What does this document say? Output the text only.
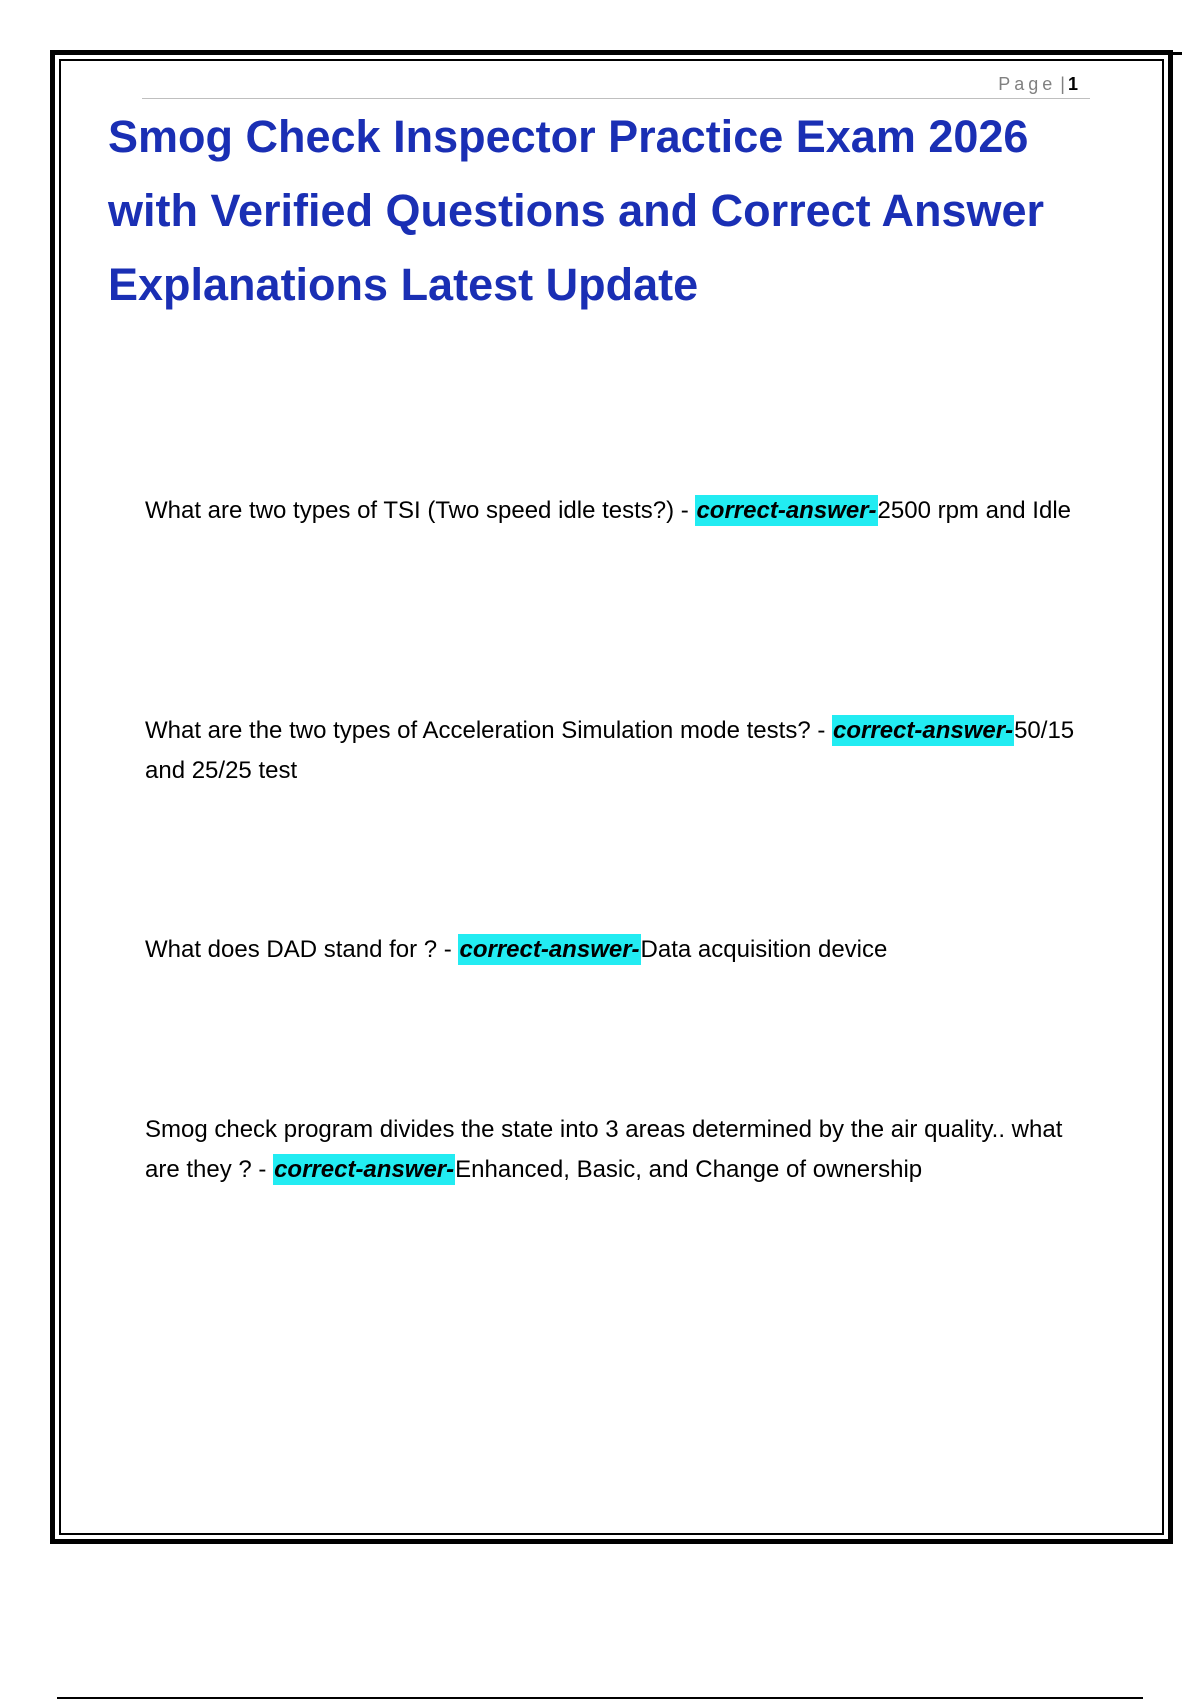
Page | 1
Smog Check Inspector Practice Exam 2026 with Verified Questions and Correct Answer Explanations Latest Update

What are two types of TSI (Two speed idle tests?) - correct-answer-2500 rpm and Idle

What are the two types of Acceleration Simulation mode tests? - correct-answer-50/15 and 25/25 test

What does DAD stand for ? - correct-answer-Data acquisition device

Smog check program divides the state into 3 areas determined by the air quality.. what are they ? - correct-answer-Enhanced, Basic, and Change of ownership
